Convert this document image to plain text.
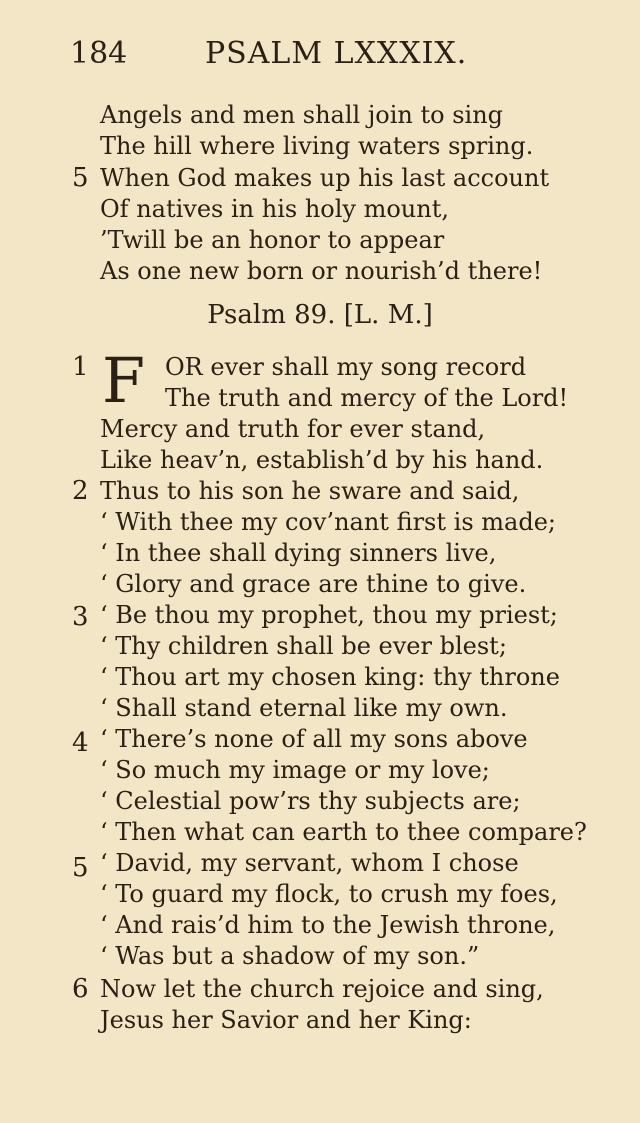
184	PSALM LXXXIX.
Angels and men shall join to sing
The hill where living waters spring.
5 When God makes up his last account
Of natives in his holy mount,
’Twill be an honor to appear
As one new born or nourish’d there!
Psalm 89. [L. M.]
1 F OR ever shall my song record
The truth and mercy of the Lord!
Mercy and truth for ever stand,
Like heav’n, establish’d by his hand.
2 Thus to his son he sware and said,
‘ With thee my cov’nant first is made;
‘ In thee shall dying sinners live,
‘ Glory and grace are thine to give.
3 ‘ Be thou my prophet, thou my priest;
‘ Thy children shall be ever blest;
‘ Thou art my chosen king: thy throne
‘ Shall stand eternal like my own.
4 ‘ There’s none of all my sons above
‘ So much my image or my love;
‘ Celestial pow’rs thy subjects are;
‘ Then what can earth to thee compare?
5 ‘ David, my servant, whom I chose
‘ To guard my flock, to crush my foes,
‘ And rais’d him to the Jewish throne,
‘ Was but a shadow of my son.”
6 Now let the church rejoice and sing,
Jesus her Savior and her King:
